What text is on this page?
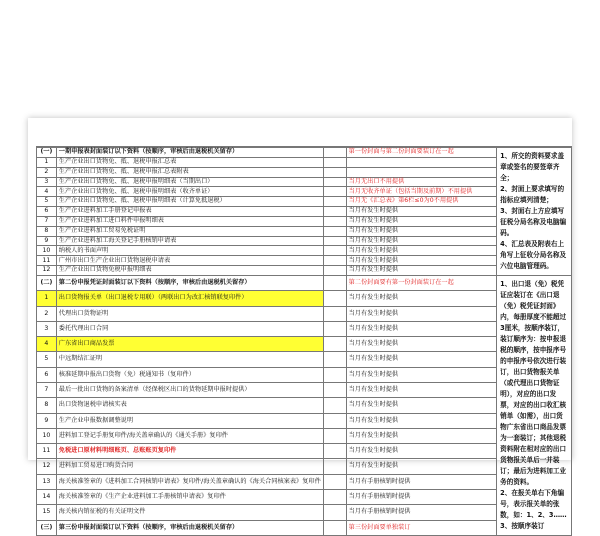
(一)	一期申报表封面装订以下资料（按顺序，审核后由退税机关留存）		第一份封面与第二份封面要装订在一起	1、所交的资料要求盖章或签名的要签章齐全；
2、封面上要求填写的指标应填列清楚；
3、封面右上方应填写征税分局名称及电脑编码。
4、汇总表及附表右上角写上征收分局名称及六位电脑管理码。
1	生产企业出口货物免、抵、退税申报汇总表			
2	生产企业出口货物免、抵、退税申报汇总表附表			
3	生产企业出口货物免、抵、退税申报明细表（当期出口）		当月无出口不用提供	
4	生产企业出口货物免、抵、退税申报明细表（收齐单证）		当月无收齐单证（包括当期及前期）不用提供	
5	生产企业出口货物免、抵、退税申报明细表（计算免抵退税）		当月无《汇总表》第6栏≤0为0不用提供	
6	生产企业进料加工手册登记申报表		当月有发生时提供	
7	生产企业进料加工进口料件申报明细表		当月有发生时提供	
8	生产企业进料加工贸易免税证明		当月有发生时提供	
9	生产企业进料加工海关登记手册核销申请表		当月有发生时提供	
10	纳税人的书面声明		当月有发生时提供	
11	广州市出口生产企业出口货物退税申请表		当月有发生时提供	
12	生产企业出口货物免税申报明细表		当月有发生时提供	
(二)	第二份申报凭证封面装订以下资料（按顺序，审核后由退税机关留存）		第二份封面要有第一份封面装订在一起	1、出口退（免）税凭证应装订在《出口退（免）税凭证封面》内，每册厚度不能超过3厘米，按顺序装订，装订顺序为：按申报退税的顺序，按申报序号的申报序号依次进行装订，出口货物报关单（或代理出口货物证明），对应的出口发票，对应的出口收汇核销单（如需），出口货物广东省出口商品发票为一套装订；其他退税资料附在相对应的出口货物报关单后一并装订；最后为进料加工业务的资料。
2、在报关单右下角编号，表示报关单的张数，如：1、2、3……
3、按顺序装订
1	出口货物报关单（出口退税专用联）（两联出口为改汇核销联复印件）		当月有发生时提供	
2	代理出口货物证明		当月有发生时提供	
3	委托代理出口合同		当月有发生时提供	
4	广东省出口商品发票		当月有发生时提供	
5	中远期结汇证明		当月有发生时提供	
6	核准延期申报出口货物（免）税通知书（复印件）		当月有发生时提供	
7	最后一批出口货物的备案清单（经保税区出口的货物延期申报时提供）		当月有发生时提供	
8	出口货物退税申请核实表		当月有发生时提供	
9	生产企业申报数据调整说明		当月有发生时提供	
10	进料加工登记手册复印件/海关盖章确认的《通关手册》复印件		当月有发生时提供	
11	免税进口原材料明细账页、总账账页复印件		当月有发生时提供	
12	进料加工贸易进口购货合同		当月有发生时提供	
13	海关核准签章的《进料加工合同核销申请表》复印件/海关盖章确认的《海关合同核案表》复印件		当月有手册核销时提供	
14	海关核准签章的《生产企业进料加工手册核销申请表》复印件		当月有手册核销时提供	
15	海关核内销征税的有关证明文件		当月有手册核销时提供	
(三)	第三份申报封面装订以下资料（按顺序，审核后由退税机关留存）		第三份封面要单独装订	
